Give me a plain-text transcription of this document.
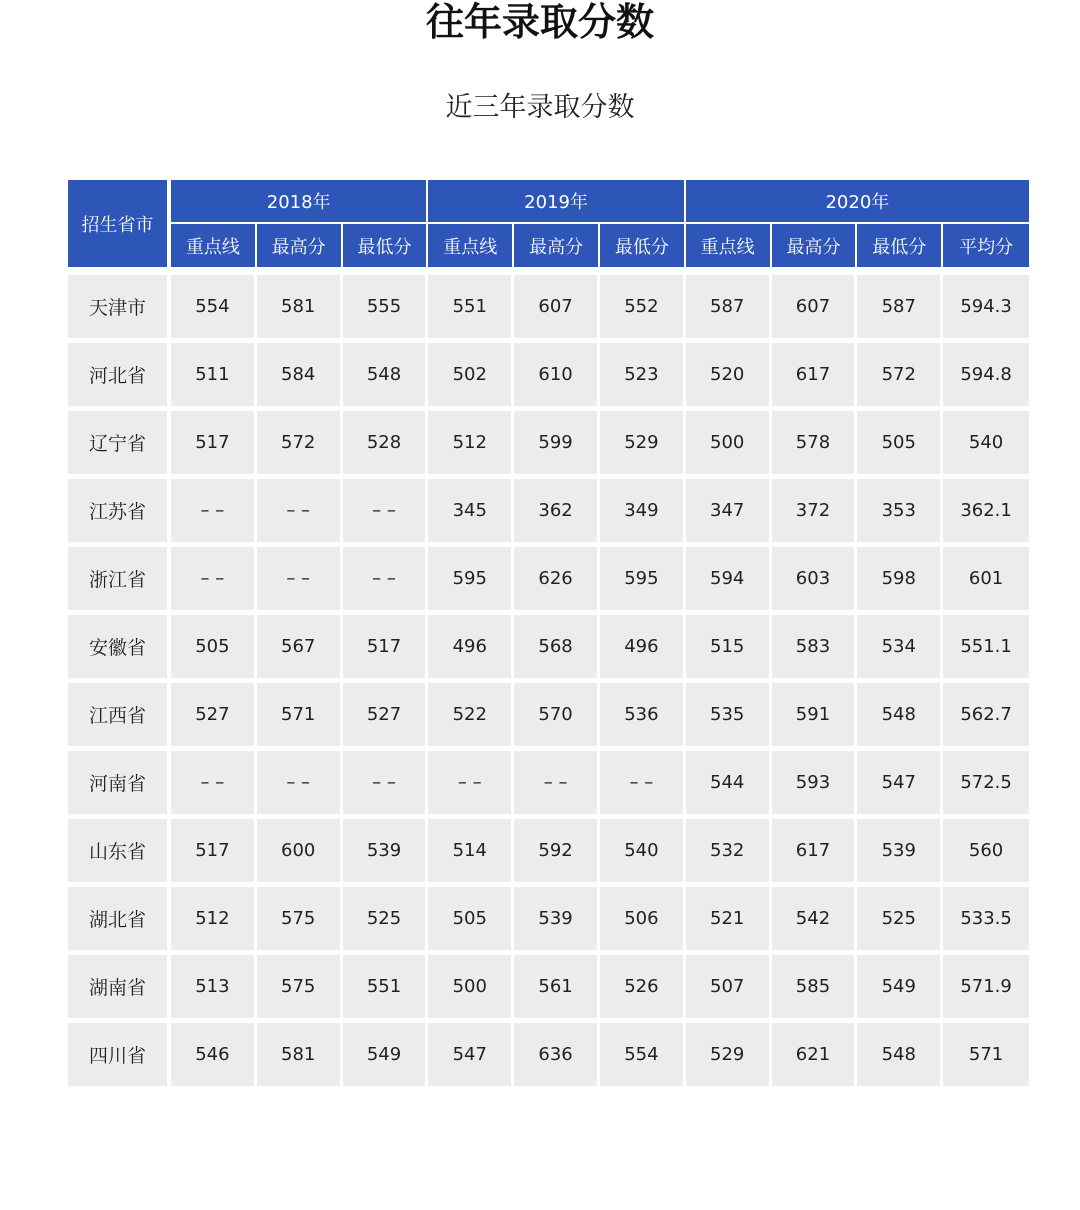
往年录取分数
近三年录取分数
招生省市	2018年			2019年			2020年			
	重点线	最高分	最低分	重点线	最高分	最低分	重点线	最高分	最低分	平均分

天津市	554	581	555	551	607	552	587	607	587	594.3
河北省	511	584	548	502	610	523	520	617	572	594.8
辽宁省	517	572	528	512	599	529	500	578	505	540
江苏省	– –	– –	– –	345	362	349	347	372	353	362.1
浙江省	– –	– –	– –	595	626	595	594	603	598	601
安徽省	505	567	517	496	568	496	515	583	534	551.1
江西省	527	571	527	522	570	536	535	591	548	562.7
河南省	– –	– –	– –	– –	– –	– –	544	593	547	572.5
山东省	517	600	539	514	592	540	532	617	539	560
湖北省	512	575	525	505	539	506	521	542	525	533.5
湖南省	513	575	551	500	561	526	507	585	549	571.9
四川省	546	581	549	547	636	554	529	621	548	571
